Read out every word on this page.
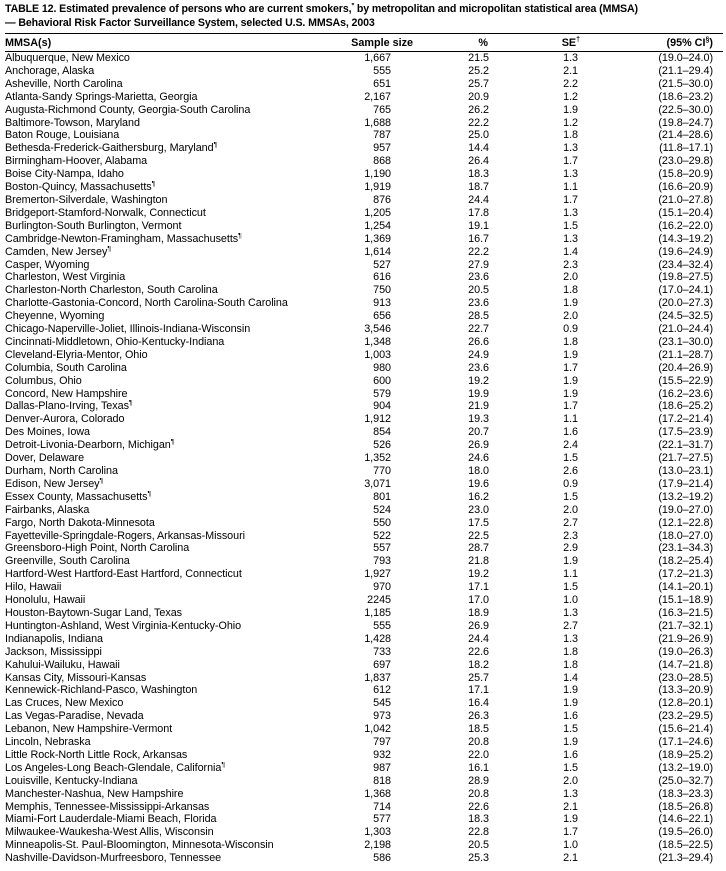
TABLE 12. Estimated prevalence of persons who are current smokers,* by metropolitan and micropolitan statistical area (MMSA)
— Behavioral Risk Factor Surveillance System, selected U.S. MMSAs, 2003
MMSA(s)	Sample size	%	SE†	(95% CI§)
Albuquerque, New Mexico	1,667	21.5	1.3	(19.0–24.0)
Anchorage, Alaska	555	25.2	2.1	(21.1–29.4)
Asheville, North Carolina	651	25.7	2.2	(21.5–30.0)
Atlanta-Sandy Springs-Marietta, Georgia	2,167	20.9	1.2	(18.6–23.2)
Augusta-Richmond County, Georgia-South Carolina	765	26.2	1.9	(22.5–30.0)
Baltimore-Towson, Maryland	1,688	22.2	1.2	(19.8–24.7)
Baton Rouge, Louisiana	787	25.0	1.8	(21.4–28.6)
Bethesda-Frederick-Gaithersburg, Maryland¶	957	14.4	1.3	(11.8–17.1)
Birmingham-Hoover, Alabama	868	26.4	1.7	(23.0–29.8)
Boise City-Nampa, Idaho	1,190	18.3	1.3	(15.8–20.9)
Boston-Quincy, Massachusetts¶	1,919	18.7	1.1	(16.6–20.9)
Bremerton-Silverdale, Washington	876	24.4	1.7	(21.0–27.8)
Bridgeport-Stamford-Norwalk, Connecticut	1,205	17.8	1.3	(15.1–20.4)
Burlington-South Burlington, Vermont	1,254	19.1	1.5	(16.2–22.0)
Cambridge-Newton-Framingham, Massachusetts¶	1,369	16.7	1.3	(14.3–19.2)
Camden, New Jersey¶	1,614	22.2	1.4	(19.6–24.9)
Casper, Wyoming	527	27.9	2.3	(23.4–32.4)
Charleston, West Virginia	616	23.6	2.0	(19.8–27.5)
Charleston-North Charleston, South Carolina	750	20.5	1.8	(17.0–24.1)
Charlotte-Gastonia-Concord, North Carolina-South Carolina	913	23.6	1.9	(20.0–27.3)
Cheyenne, Wyoming	656	28.5	2.0	(24.5–32.5)
Chicago-Naperville-Joliet, Illinois-Indiana-Wisconsin	3,546	22.7	0.9	(21.0–24.4)
Cincinnati-Middletown, Ohio-Kentucky-Indiana	1,348	26.6	1.8	(23.1–30.0)
Cleveland-Elyria-Mentor, Ohio	1,003	24.9	1.9	(21.1–28.7)
Columbia, South Carolina	980	23.6	1.7	(20.4–26.9)
Columbus, Ohio	600	19.2	1.9	(15.5–22.9)
Concord, New Hampshire	579	19.9	1.9	(16.2–23.6)
Dallas-Plano-Irving, Texas¶	904	21.9	1.7	(18.6–25.2)
Denver-Aurora, Colorado	1,912	19.3	1.1	(17.2–21.4)
Des Moines, Iowa	854	20.7	1.6	(17.5–23.9)
Detroit-Livonia-Dearborn, Michigan¶	526	26.9	2.4	(22.1–31.7)
Dover, Delaware	1,352	24.6	1.5	(21.7–27.5)
Durham, North Carolina	770	18.0	2.6	(13.0–23.1)
Edison, New Jersey¶	3,071	19.6	0.9	(17.9–21.4)
Essex County, Massachusetts¶	801	16.2	1.5	(13.2–19.2)
Fairbanks, Alaska	524	23.0	2.0	(19.0–27.0)
Fargo, North Dakota-Minnesota	550	17.5	2.7	(12.1–22.8)
Fayetteville-Springdale-Rogers, Arkansas-Missouri	522	22.5	2.3	(18.0–27.0)
Greensboro-High Point, North Carolina	557	28.7	2.9	(23.1–34.3)
Greenville, South Carolina	793	21.8	1.9	(18.2–25.4)
Hartford-West Hartford-East Hartford, Connecticut	1,927	19.2	1.1	(17.2–21.3)
Hilo, Hawaii	970	17.1	1.5	(14.1–20.1)
Honolulu, Hawaii	2245	17.0	1.0	(15.1–18.9)
Houston-Baytown-Sugar Land, Texas	1,185	18.9	1.3	(16.3–21.5)
Huntington-Ashland, West Virginia-Kentucky-Ohio	555	26.9	2.7	(21.7–32.1)
Indianapolis, Indiana	1,428	24.4	1.3	(21.9–26.9)
Jackson, Mississippi	733	22.6	1.8	(19.0–26.3)
Kahului-Wailuku, Hawaii	697	18.2	1.8	(14.7–21.8)
Kansas City, Missouri-Kansas	1,837	25.7	1.4	(23.0–28.5)
Kennewick-Richland-Pasco, Washington	612	17.1	1.9	(13.3–20.9)
Las Cruces, New Mexico	545	16.4	1.9	(12.8–20.1)
Las Vegas-Paradise, Nevada	973	26.3	1.6	(23.2–29.5)
Lebanon, New Hampshire-Vermont	1,042	18.5	1.5	(15.6–21.4)
Lincoln, Nebraska	797	20.8	1.9	(17.1–24.6)
Little Rock-North Little Rock, Arkansas	932	22.0	1.6	(18.9–25.2)
Los Angeles-Long Beach-Glendale, California¶	987	16.1	1.5	(13.2–19.0)
Louisville, Kentucky-Indiana	818	28.9	2.0	(25.0–32.7)
Manchester-Nashua, New Hampshire	1,368	20.8	1.3	(18.3–23.3)
Memphis, Tennessee-Mississippi-Arkansas	714	22.6	2.1	(18.5–26.8)
Miami-Fort Lauderdale-Miami Beach, Florida	577	18.3	1.9	(14.6–22.1)
Milwaukee-Waukesha-West Allis, Wisconsin	1,303	22.8	1.7	(19.5–26.0)
Minneapolis-St. Paul-Bloomington, Minnesota-Wisconsin	2,198	20.5	1.0	(18.5–22.5)
Nashville-Davidson-Murfreesboro, Tennessee	586	25.3	2.1	(21.3–29.4)
